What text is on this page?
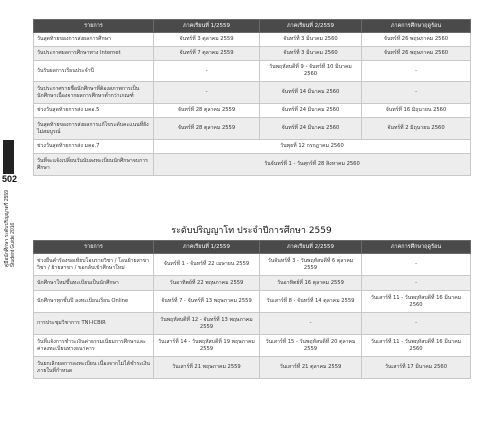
502
คู่มือนักศึกษา ระดับปริญญาตรี 2559 Student Guide 2016
รายการ	ภาคเรียนที่ 1/2559	ภาคเรียนที่ 2/2559	ภาคการศึกษาฤดูร้อน
วันสุดท้ายของการส่งผลการศึกษา	จันทร์ที่ 3 ตุลาคม 2559	จันทร์ที่ 3 มีนาคม 2560	จันทร์ที่ 26 พฤษภาคม 2560
วันประกาศผลการศึกษาทาง Internet	จันทร์ที่ 7 ตุลาคม 2559	จันทร์ที่ 3 มีนาคม 2560	จันทร์ที่ 26 พฤษภาคม 2560
วันรับผลการเรียนประจำปี	-	วันพฤหัสบดีที่ 9 - จันทร์ที่ 10 มีนาคม 2560	-
วันประกาศรายชื่อนักศึกษาที่ต้องสภาพการเป็นนักศึกษาเนื่องจากผลการศึกษาต่ำกว่าเกณฑ์	-	จันทร์ที่ 14 มีนาคม 2560	-
ช่วงวันสุดท้ายการส่ง มคอ.5	จันทร์ที่ 28 ตุลาคม 2559	จันทร์ที่ 24 มีนาคม 2560	จันทร์ที่ 16 มิถุนายน 2560
วันสุดท้ายของการส่งผลการแก้ไขระดับคะแนนที่ยังไม่สมบูรณ์	จันทร์ที่ 28 ตุลาคม 2559	จันทร์ที่ 24 มีนาคม 2560	จันทร์ที่ 2 มิถุนายน 2560
ช่วงวันสุดท้ายการส่ง มคอ.7	วันพุธที่ 12 กรกฎาคม 2560		
วันที่จะแจ้งเปลี่ยนวันนับลงทะเบียนนักศึกษาจบการศึกษา	วันจันทร์ที่ 1 - วันศุกร์ที่ 28 สิงหาคม 2560		
ระดับปริญญาโท ประจำปีการศึกษา 2559
รายการ	ภาคเรียนที่ 1/2559	ภาคเรียนที่ 2/2559	ภาคการศึกษาฤดูร้อน
ช่วงยื่นคำร้องขอเทียบโอนรายวิชา / โอนย้ายสาขาวิชา / ย้ายสาขา / ขอกลับเข้าศึกษาใหม่	จันทร์ที่ 1 - จันทร์ที่ 22 เมษายน 2559	วันจันทร์ที่ 3 - วันพฤหัสบดีที่ 6 ตุลาคม 2559	-
นักศึกษาใหม่ขึ้นทะเบียนเป็นนักศึกษา	วันอาทิตย์ที่ 22 พฤษภาคม 2559	วันอาทิตย์ที่ 16 ตุลาคม 2559	-
นักศึกษาทุกชั้นปี ลงทะเบียนเรียน Online	จันทร์ที่ 7 - จันทร์ที่ 13 พฤษภาคม 2559	วันเสาร์ที่ 8 - จันทร์ที่ 14 ตุลาคม 2559	วันเสาร์ที่ 11 - วันพฤหัสบดีที่ 16 มีนาคม 2560
การประชุมวิชาการ TNI-ICBIR	วันพฤหัสบดีที่ 12 - จันทร์ที่ 13 พฤษภาคม 2559	-	-
วันที่แจ้งการชำระเงินค่าธรรมเนียมการศึกษาและค่าลงทะเบียนทางธนาคาร	วันเสาร์ที่ 14 - วันพฤหัสบดีที่ 19 พฤษภาคม 2559	วันเสาร์ที่ 15 - วันพฤหัสบดีที่ 20 ตุลาคม 2559	วันเสาร์ที่ 11 - วันพฤหัสบดีที่ 16 มีนาคม 2560
วันยกเลิกผลการลงทะเบียน เนื่องจากไม่ได้ชำระเงินภายในที่กำหนด	วันเสาร์ที่ 21 พฤษภาคม 2559	วันเสาร์ที่ 21 ตุลาคม 2559	วันเสาร์ที่ 17 มีนาคม 2560
